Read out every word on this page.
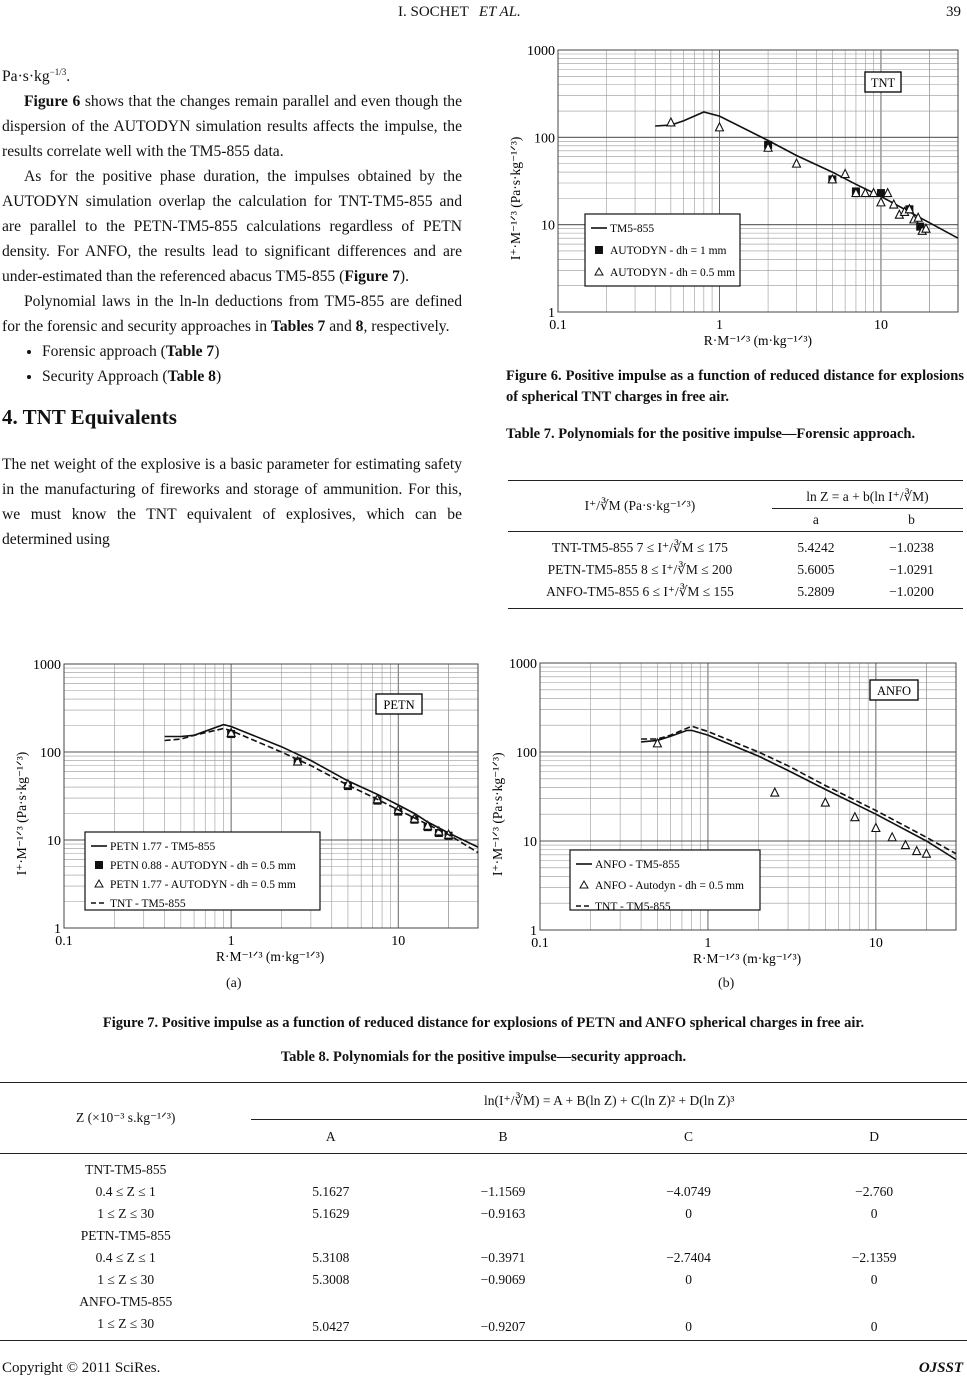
I. SOCHET ET AL.	39

$Pa\cdot s\cdot kg^{-1/3}$.

Figure 6 shows that the changes remain parallel and even though the dispersion of the AUTODYN simulation results affects the impulse, the results correlate well with the TM5-855 data.

As for the positive phase duration, the impulses obtained by the AUTODYN simulation overlap the calculation for TNT-TM5-855 and are parallel to the PETN-TM5-855 calculations regardless of PETN density. For ANFO, the results lead to significant differences and are under-estimated than the referenced abacus TM5-855 (Figure 7).

Polynomial laws in the ln-ln deductions from TM5-855 are defined for the forensic and security approaches in Tables 7 and 8, respectively.

• Forensic approach (Table 7)
• Security Approach (Table 8)
4. TNT Equivalents

The net weight of the explosive is a basic parameter for estimating safety in the manufacturing of fireworks and storage of ammunition. For this, we must know the TNT equivalent of explosives, which can be determined using

1000
100
10
1
0.1	1	10
R·M⁻¹ᐟ³ (m·kg⁻¹ᐟ³)
I⁺·M⁻¹ᐟ³ (Pa·s·kg⁻¹ᐟ³)
TNT
TM5-855
AUTODYN - dh = 1 mm
AUTODYN - dh = 0.5 mm
Figure 6. Positive impulse as a function of reduced distance for explosions of spherical TNT charges in free air.
Table 7. Polynomials for the positive impulse—Forensic approach.
I⁺/∛M (Pa·s·kg⁻¹ᐟ³)	ln Z = a + b(ln I⁺/∛M)	
	a	b
TNT-TM5-855 7 ≤ I⁺/∛M ≤ 175	5.4242	−1.0238
PETN-TM5-855 8 ≤ I⁺/∛M ≤ 200	5.6005	−1.0291
ANFO-TM5-855 6 ≤ I⁺/∛M ≤ 155	5.2809	−1.0200
1000
100
10
1
0.1	1	10
R·M⁻¹ᐟ³ (m·kg⁻¹ᐟ³)
I⁺·M⁻¹ᐟ³ (Pa·s·kg⁻¹ᐟ³)
PETN
PETN 1.77 - TM5-855
PETN 0.88 - AUTODYN - dh = 0.5 mm
PETN 1.77 - AUTODYN - dh = 0.5 mm
TNT - TM5-855
(a)
1000
100
10
1
0.1	1	10
R·M⁻¹ᐟ³ (m·kg⁻¹ᐟ³)
I⁺·M⁻¹ᐟ³ (Pa·s·kg⁻¹ᐟ³)
ANFO
ANFO - TM5-855
ANFO - Autodyn - dh = 0.5 mm
TNT - TM5-855
(b)
Figure 7. Positive impulse as a function of reduced distance for explosions of PETN and ANFO spherical charges in free air.
Table 8. Polynomials for the positive impulse—security approach.
Z (×10⁻³ s.kg⁻¹ᐟ³)	ln(I⁺/∛M) = A + B(ln Z) + C(ln Z)² + D(ln Z)³			
	A	B	C	D
TNT-TM5-855				
0.4 ≤ Z ≤ 1	5.1627	−1.1569	−4.0749	−2.760
1 ≤ Z ≤ 30	5.1629	−0.9163	0	0
PETN-TM5-855				
0.4 ≤ Z ≤ 1	5.3108	−0.3971	−2.7404	−2.1359
1 ≤ Z ≤ 30	5.3008	−0.9069	0	0
ANFO-TM5-855				
1 ≤ Z ≤ 30	5.0427	−0.9207	0	0
Copyright © 2011 SciRes.	OJSST
